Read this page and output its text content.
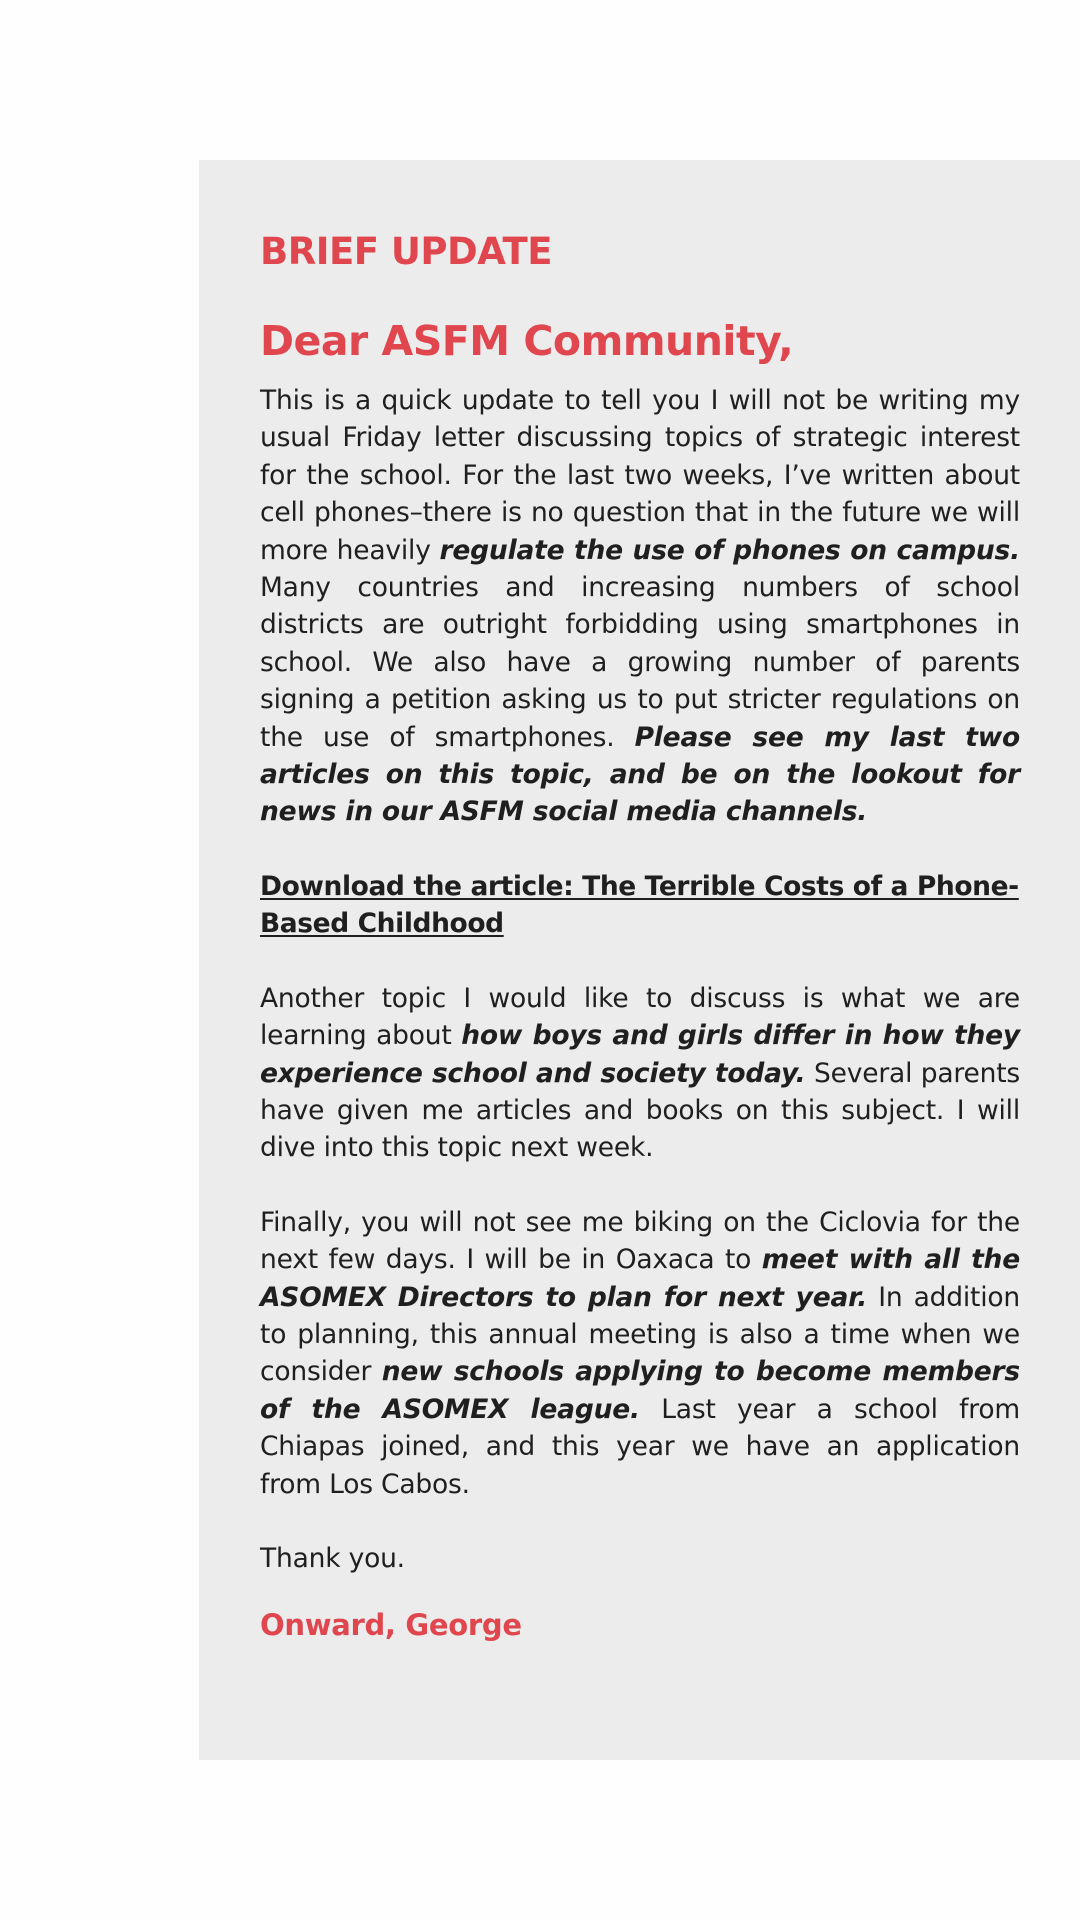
BRIEF UPDATE
Dear ASFM Community,

This is a quick update to tell you I will not be writing my usual Friday letter discussing topics of strategic interest for the school. For the last two weeks, I’ve written about cell phones–there is no question that in the future we will more heavily regulate the use of phones on campus. Many countries and increasing numbers of school districts are outright forbidding using smartphones in school. We also have a growing number of parents signing a petition asking us to put stricter regulations on the use of smartphones. Please see my last two articles on this topic, and be on the lookout for news in our ASFM social media channels.

Download the article: The Terrible Costs of a Phone-Based Childhood

Another topic I would like to discuss is what we are learning about how boys and girls differ in how they experience school and society today. Several parents have given me articles and books on this subject. I will dive into this topic next week.

Finally, you will not see me biking on the Ciclovia for the next few days. I will be in Oaxaca to meet with all the ASOMEX Directors to plan for next year. In addition to planning, this annual meeting is also a time when we consider new schools applying to become members of the ASOMEX league. Last year a school from Chiapas joined, and this year we have an application from Los Cabos.

Thank you.

Onward, George
